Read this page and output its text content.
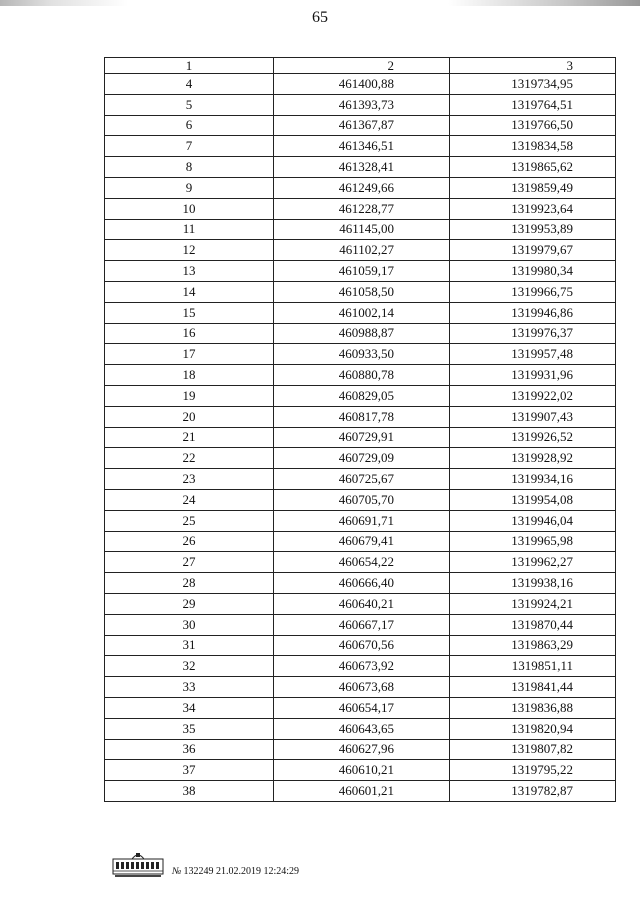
65
1	2	3
4	461400,88	1319734,95
5	461393,73	1319764,51
6	461367,87	1319766,50
7	461346,51	1319834,58
8	461328,41	1319865,62
9	461249,66	1319859,49
10	461228,77	1319923,64
11	461145,00	1319953,89
12	461102,27	1319979,67
13	461059,17	1319980,34
14	461058,50	1319966,75
15	461002,14	1319946,86
16	460988,87	1319976,37
17	460933,50	1319957,48
18	460880,78	1319931,96
19	460829,05	1319922,02
20	460817,78	1319907,43
21	460729,91	1319926,52
22	460729,09	1319928,92
23	460725,67	1319934,16
24	460705,70	1319954,08
25	460691,71	1319946,04
26	460679,41	1319965,98
27	460654,22	1319962,27
28	460666,40	1319938,16
29	460640,21	1319924,21
30	460667,17	1319870,44
31	460670,56	1319863,29
32	460673,92	1319851,11
33	460673,68	1319841,44
34	460654,17	1319836,88
35	460643,65	1319820,94
36	460627,96	1319807,82
37	460610,21	1319795,22
38	460601,21	1319782,87
№ 132249 21.02.2019 12:24:29
